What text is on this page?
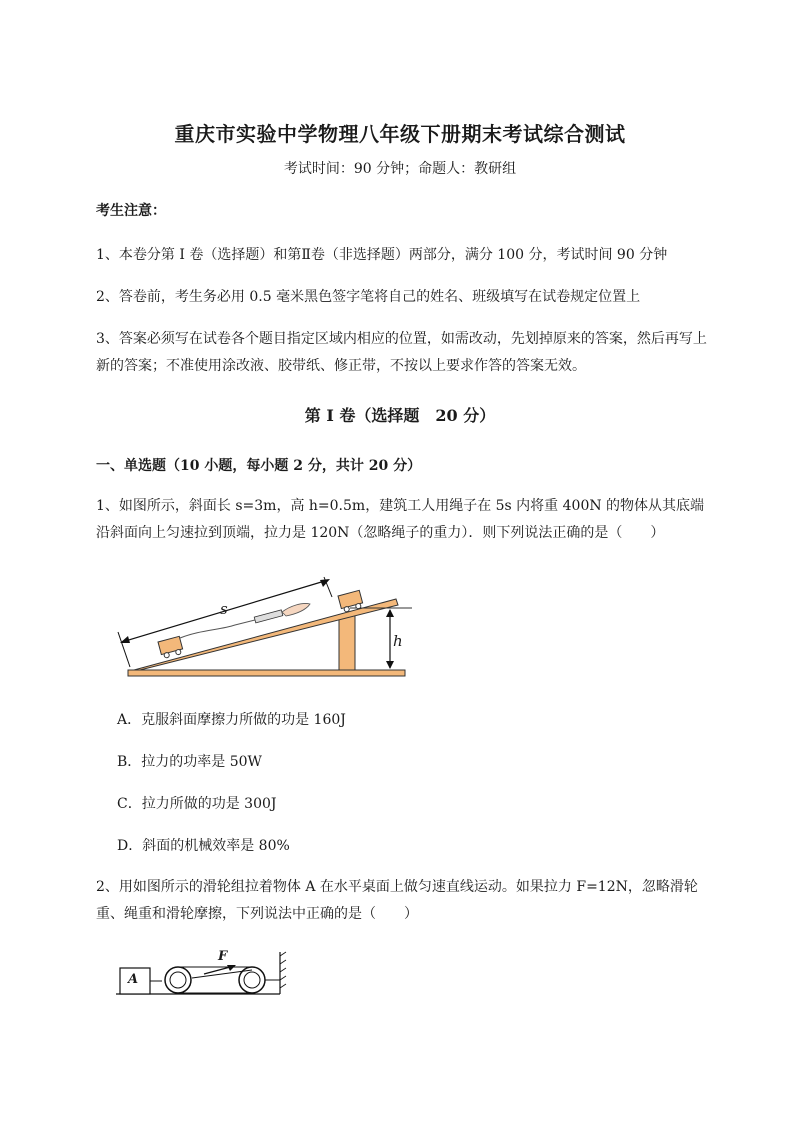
重庆市实验中学物理八年级下册期末考试综合测试
考试时间：90 分钟；命题人：教研组
考生注意：
1、本卷分第 I 卷（选择题）和第Ⅱ卷（非选择题）两部分，满分 100 分，考试时间 90 分钟
2、答卷前，考生务必用 0.5 毫米黑色签字笔将自己的姓名、班级填写在试卷规定位置上
3、答案必须写在试卷各个题目指定区域内相应的位置，如需改动，先划掉原来的答案，然后再写上新的答案；不准使用涂改液、胶带纸、修正带，不按以上要求作答的答案无效。
第 I 卷（选择题　20 分）
一、单选题（10 小题，每小题 2 分，共计 20 分）
1、如图所示，斜面长 s=3m，高 h=0.5m，建筑工人用绳子在 5s 内将重 400N 的物体从其底端沿斜面向上匀速拉到顶端，拉力是 120N（忽略绳子的重力）．则下列说法正确的是（　　）
s
h
A．克服斜面摩擦力所做的功是 160J
B．拉力的功率是 50W
C．拉力所做的功是 300J
D．斜面的机械效率是 80%
2、用如图所示的滑轮组拉着物体 A 在水平桌面上做匀速直线运动。如果拉力 F=12N，忽略滑轮重、绳重和滑轮摩擦，下列说法中正确的是（　　）
A
F
